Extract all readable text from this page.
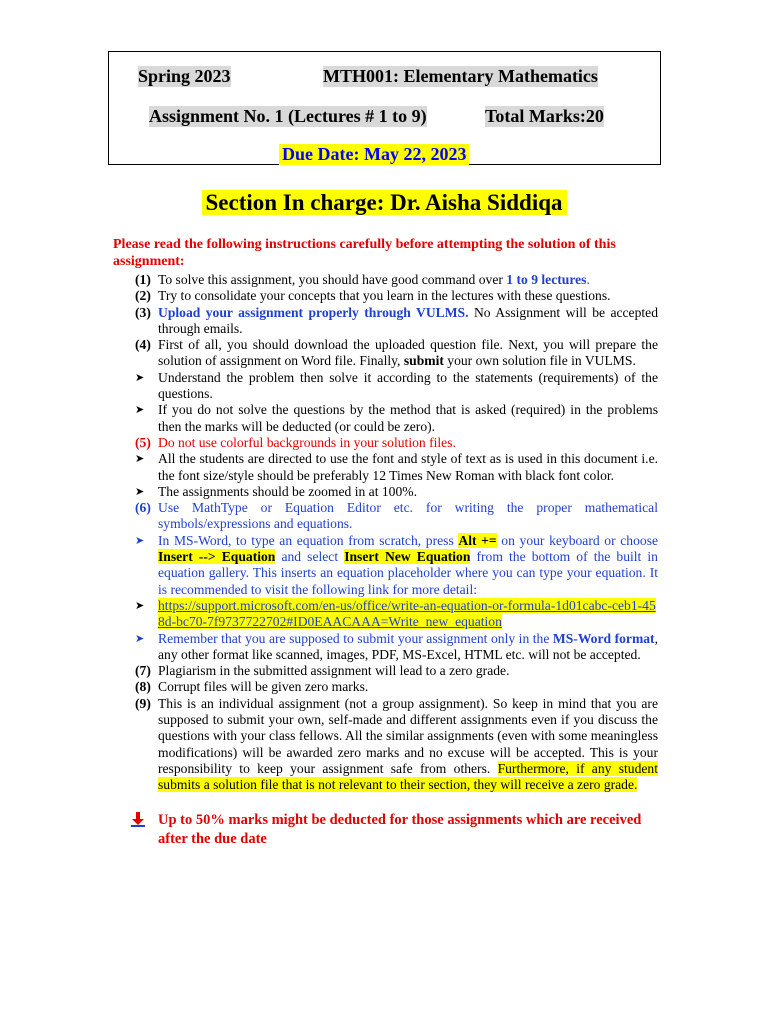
Spring 2023	MTH001: Elementary Mathematics
Assignment No. 1 (Lectures # 1 to 9)	Total Marks:20
Due Date: May 22, 2023
Section In charge: Dr. Aisha Siddiqa
Please read the following instructions carefully before attempting the solution of this assignment:
(1) To solve this assignment, you should have good command over 1 to 9 lectures.
(2) Try to consolidate your concepts that you learn in the lectures with these questions.
(3) Upload your assignment properly through VULMS. No Assignment will be accepted through emails.
(4) First of all, you should download the uploaded question file. Next, you will prepare the solution of assignment on Word file. Finally, submit your own solution file in VULMS.
➤	Understand the problem then solve it according to the statements (requirements) of the questions.
➤	If you do not solve the questions by the method that is asked (required) in the problems then the marks will be deducted (or could be zero).
(5) Do not use colorful backgrounds in your solution files.
➤	All the students are directed to use the font and style of text as is used in this document i.e. the font size/style should be preferably 12 Times New Roman with black font color.
➤	The assignments should be zoomed in at 100%.
(6) Use MathType or Equation Editor etc. for writing the proper mathematical symbols/expressions and equations.
➤	In MS-Word, to type an equation from scratch, press Alt += on your keyboard or choose Insert --> Equation and select Insert New Equation from the bottom of the built in equation gallery. This inserts an equation placeholder where you can type your equation. It is recommended to visit the following link for more detail:
➤	https://support.microsoft.com/en-us/office/write-an-equation-or-formula-1d01cabc-ceb1-458d-bc70-7f9737722702#ID0EAACAAA=Write_new_equation
➤	Remember that you are supposed to submit your assignment only in the MS-Word format, any other format like scanned, images, PDF, MS-Excel, HTML etc. will not be accepted.
(7) Plagiarism in the submitted assignment will lead to a zero grade.
(8) Corrupt files will be given zero marks.
(9) This is an individual assignment (not a group assignment). So keep in mind that you are supposed to submit your own, self-made and different assignments even if you discuss the questions with your class fellows. All the similar assignments (even with some meaningless modifications) will be awarded zero marks and no excuse will be accepted. This is your responsibility to keep your assignment safe from others. Furthermore, if any student submits a solution file that is not relevant to their section, they will receive a zero grade.
Up to 50% marks might be deducted for those assignments which are received after the due date
